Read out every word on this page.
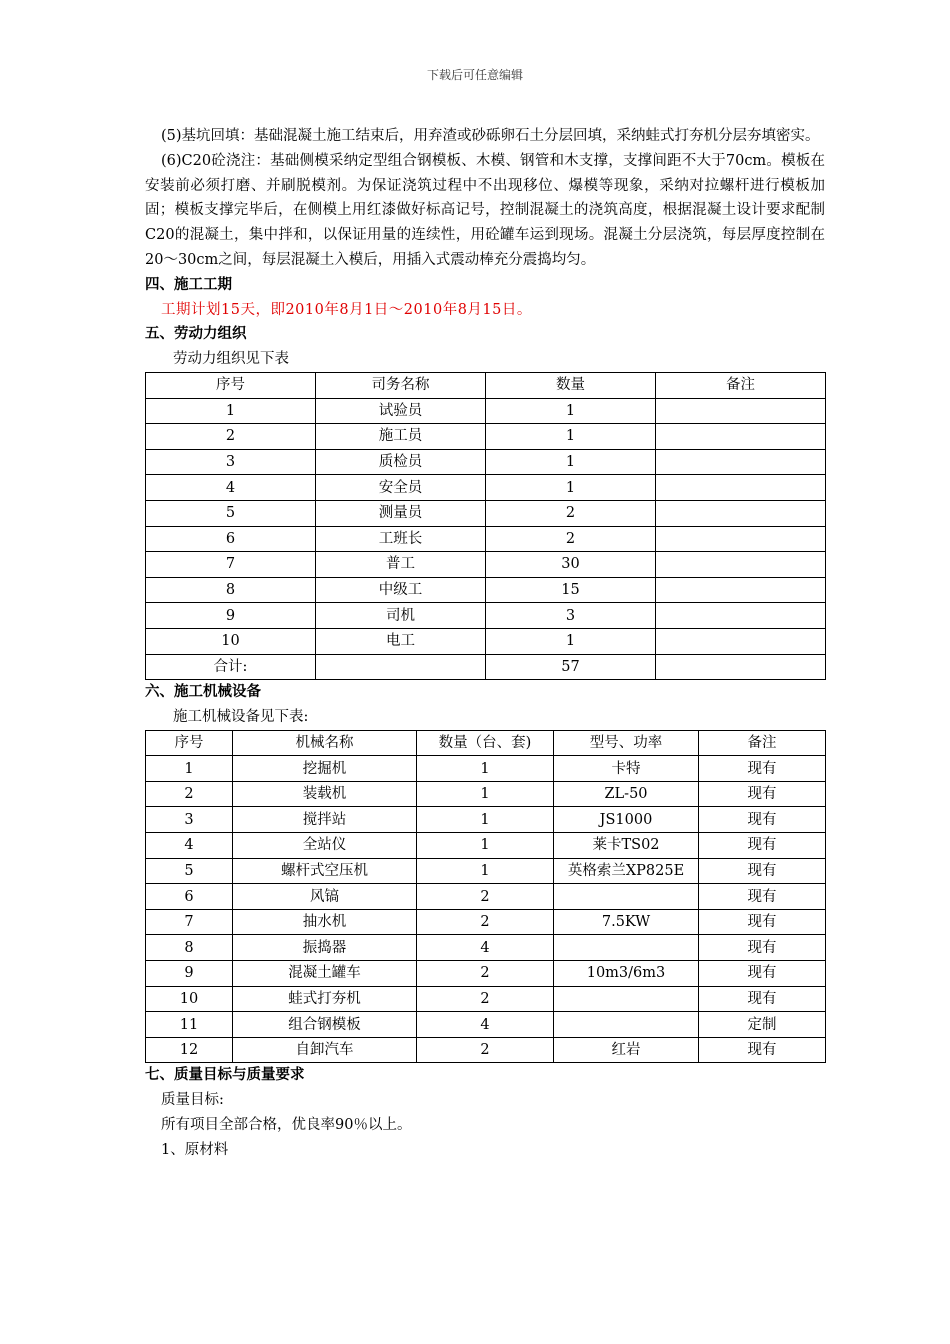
下载后可任意编辑

(5)基坑回填：基础混凝土施工结束后，用弃渣或砂砾卵石土分层回填，采纳蛙式打夯机分层夯填密实。

(6)C20砼浇注：基础侧模采纳定型组合钢模板、木模、钢管和木支撑，支撑间距不大于70cm。模板在安装前必须打磨、并刷脱模剂。为保证浇筑过程中不出现移位、爆模等现象，采纳对拉螺杆进行模板加固；模板支撑完毕后，在侧模上用红漆做好标高记号，控制混凝土的浇筑高度，根据混凝土设计要求配制C20的混凝土，集中拌和，以保证用量的连续性，用砼罐车运到现场。混凝土分层浇筑，每层厚度控制在20～30cm之间，每层混凝土入模后，用插入式震动棒充分震捣均匀。

四、施工工期

工期计划15天，即2010年8月1日～2010年8月15日。

五、劳动力组织

劳动力组织见下表

序号	司务名称	数量	备注
1	试验员	1	
2	施工员	1	
3	质检员	1	
4	安全员	1	
5	测量员	2	
6	工班长	2	
7	普工	30	
8	中级工	15	
9	司机	3	
10	电工	1	
合计:		57	

六、施工机械设备

施工机械设备见下表:

序号	机械名称	数量（台、套)	型号、功率	备注
1	挖掘机	1	卡特	现有
2	装载机	1	ZL-50	现有
3	搅拌站	1	JS1000	现有
4	全站仪	1	莱卡TS02	现有
5	螺杆式空压机	1	英格索兰XP825E	现有
6	风镐	2		现有
7	抽水机	2	7.5KW	现有
8	振捣器	4		现有
9	混凝土罐车	2	10m3/6m3	现有
10	蛙式打夯机	2		现有
11	组合钢模板	4		定制
12	自卸汽车	2	红岩	现有

七、质量目标与质量要求

质量目标:

所有项目全部合格，优良率90％以上。

1、原材料
